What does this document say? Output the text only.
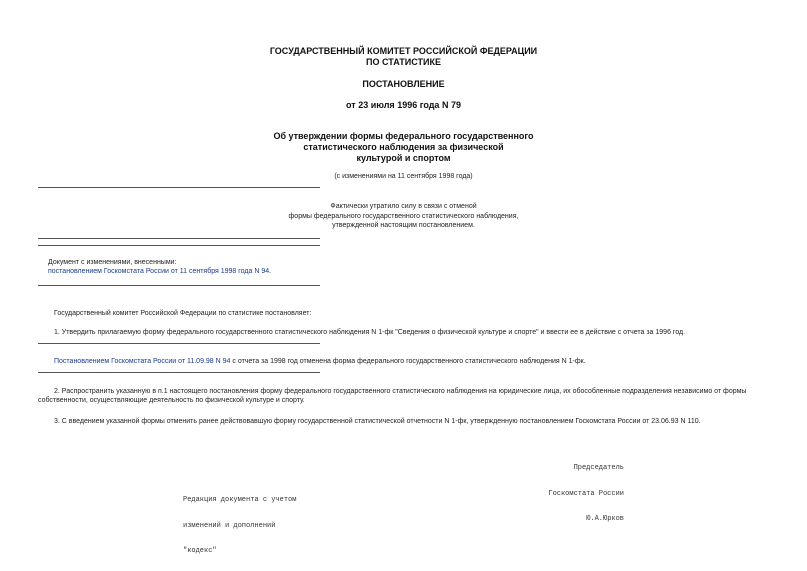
ГОСУДАРСТВЕННЫЙ КОМИТЕТ РОССИЙСКОЙ ФЕДЕРАЦИИ
ПО СТАТИСТИКЕ
ПОСТАНОВЛЕНИЕ
от 23 июля 1996 года N 79
Об утверждении формы федерального государственного
статистического наблюдения за физической
культурой и спортом
(с изменениями на 11 сентября 1998 года)
Фактически утратило силу в связи с отменой
формы федерального государственного статистического наблюдения,
утвержденной настоящим постановлением.
Документ с изменениями, внесенными:
постановлением Госкомстата России от 11 сентября 1998 года N 94.
Государственный комитет Российской Федерации по статистике постановляет:
1. Утвердить прилагаемую форму федерального государственного статистического наблюдения N 1-фк "Сведения о физической культуре и спорте" и ввести ее в действие с отчета за 1996 год.
Постановлением Госкомстата России от 11.09.98 N 94 с отчета за 1998 год отменена форма федерального государственного статистического наблюдения N 1-фк.
2. Распространить указанную в п.1 настоящего постановления форму федерального государственного статистического наблюдения на юридические лица, их обособленные подразделения независимо от формы
собственности, осуществляющие деятельность по физической культуре и спорту.
3. С введением указанной формы отменить ранее действовавшую форму государственной статистической отчетности N 1-фк, утвержденную постановлением Госкомстата России от 23.06.93 N 110.

Председатель

Госкомстата России

Ю.А.Юрков

Редакция документа с учетом

изменений и дополнений

"кодекс"
